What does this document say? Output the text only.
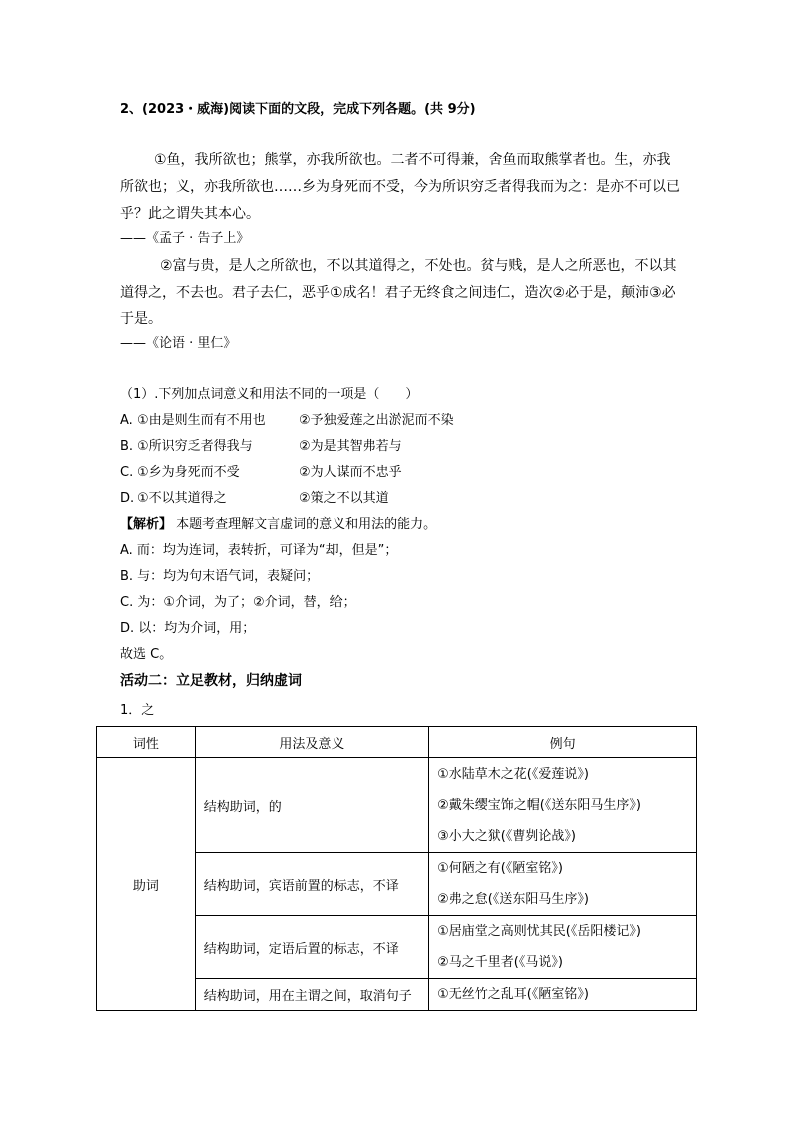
2、(2023・威海)阅读下面的文段，完成下列各题。(共 9分)
①鱼，我所欲也；熊掌，亦我所欲也。二者不可得兼，舍鱼而取熊掌者也。生，亦我
所欲也；义，亦我所欲也……乡为身死而不受，今为所识穷乏者得我而为之：是亦不可以已
乎？此之谓失其本心。
——《孟子 · 告子上》
②富与贵，是人之所欲也，不以其道得之，不处也。贫与贱，是人之所恶也，不以其
道得之，不去也。君子去仁，恶乎①成名！君子无终食之间违仁，造次②必于是，颠沛③必
于是。
——《论语 · 里仁》
（1）.下列加点词意义和用法不同的一项是（　　）
A. ①由是则生而有不用也	②予独爱莲之出淤泥而不染
B. ①所识穷乏者得我与	②为是其智弗若与
C. ①乡为身死而不受	②为人谋而不忠乎
D. ①不以其道得之	②策之不以其道
【解析】 本题考查理解文言虚词的意义和用法的能力。
A. 而：均为连词，表转折，可译为“却，但是”；
B. 与：均为句末语气词，表疑问；
C. 为：①介词，为了；②介词，替，给；
D. 以：均为介词，用；
故选 C。
活动二：立足教材，归纳虚词
1．之
词性	用法及意义	例句
助词	结构助词，的	①水陆草木之花(《爱莲说》)
②戴朱缨宝饰之帽(《送东阳马生序》)
③小大之狱(《曹刿论战》)

	结构助词，宾语前置的标志，不译	①何陋之有(《陋室铭》)
②弗之怠(《送东阳马生序》)

	结构助词，定语后置的标志，不译	①居庙堂之高则忧其民(《岳阳楼记》)
②马之千里者(《马说》)

	结构助词，用在主谓之间，取消句子	①无丝竹之乱耳(《陋室铭》)
